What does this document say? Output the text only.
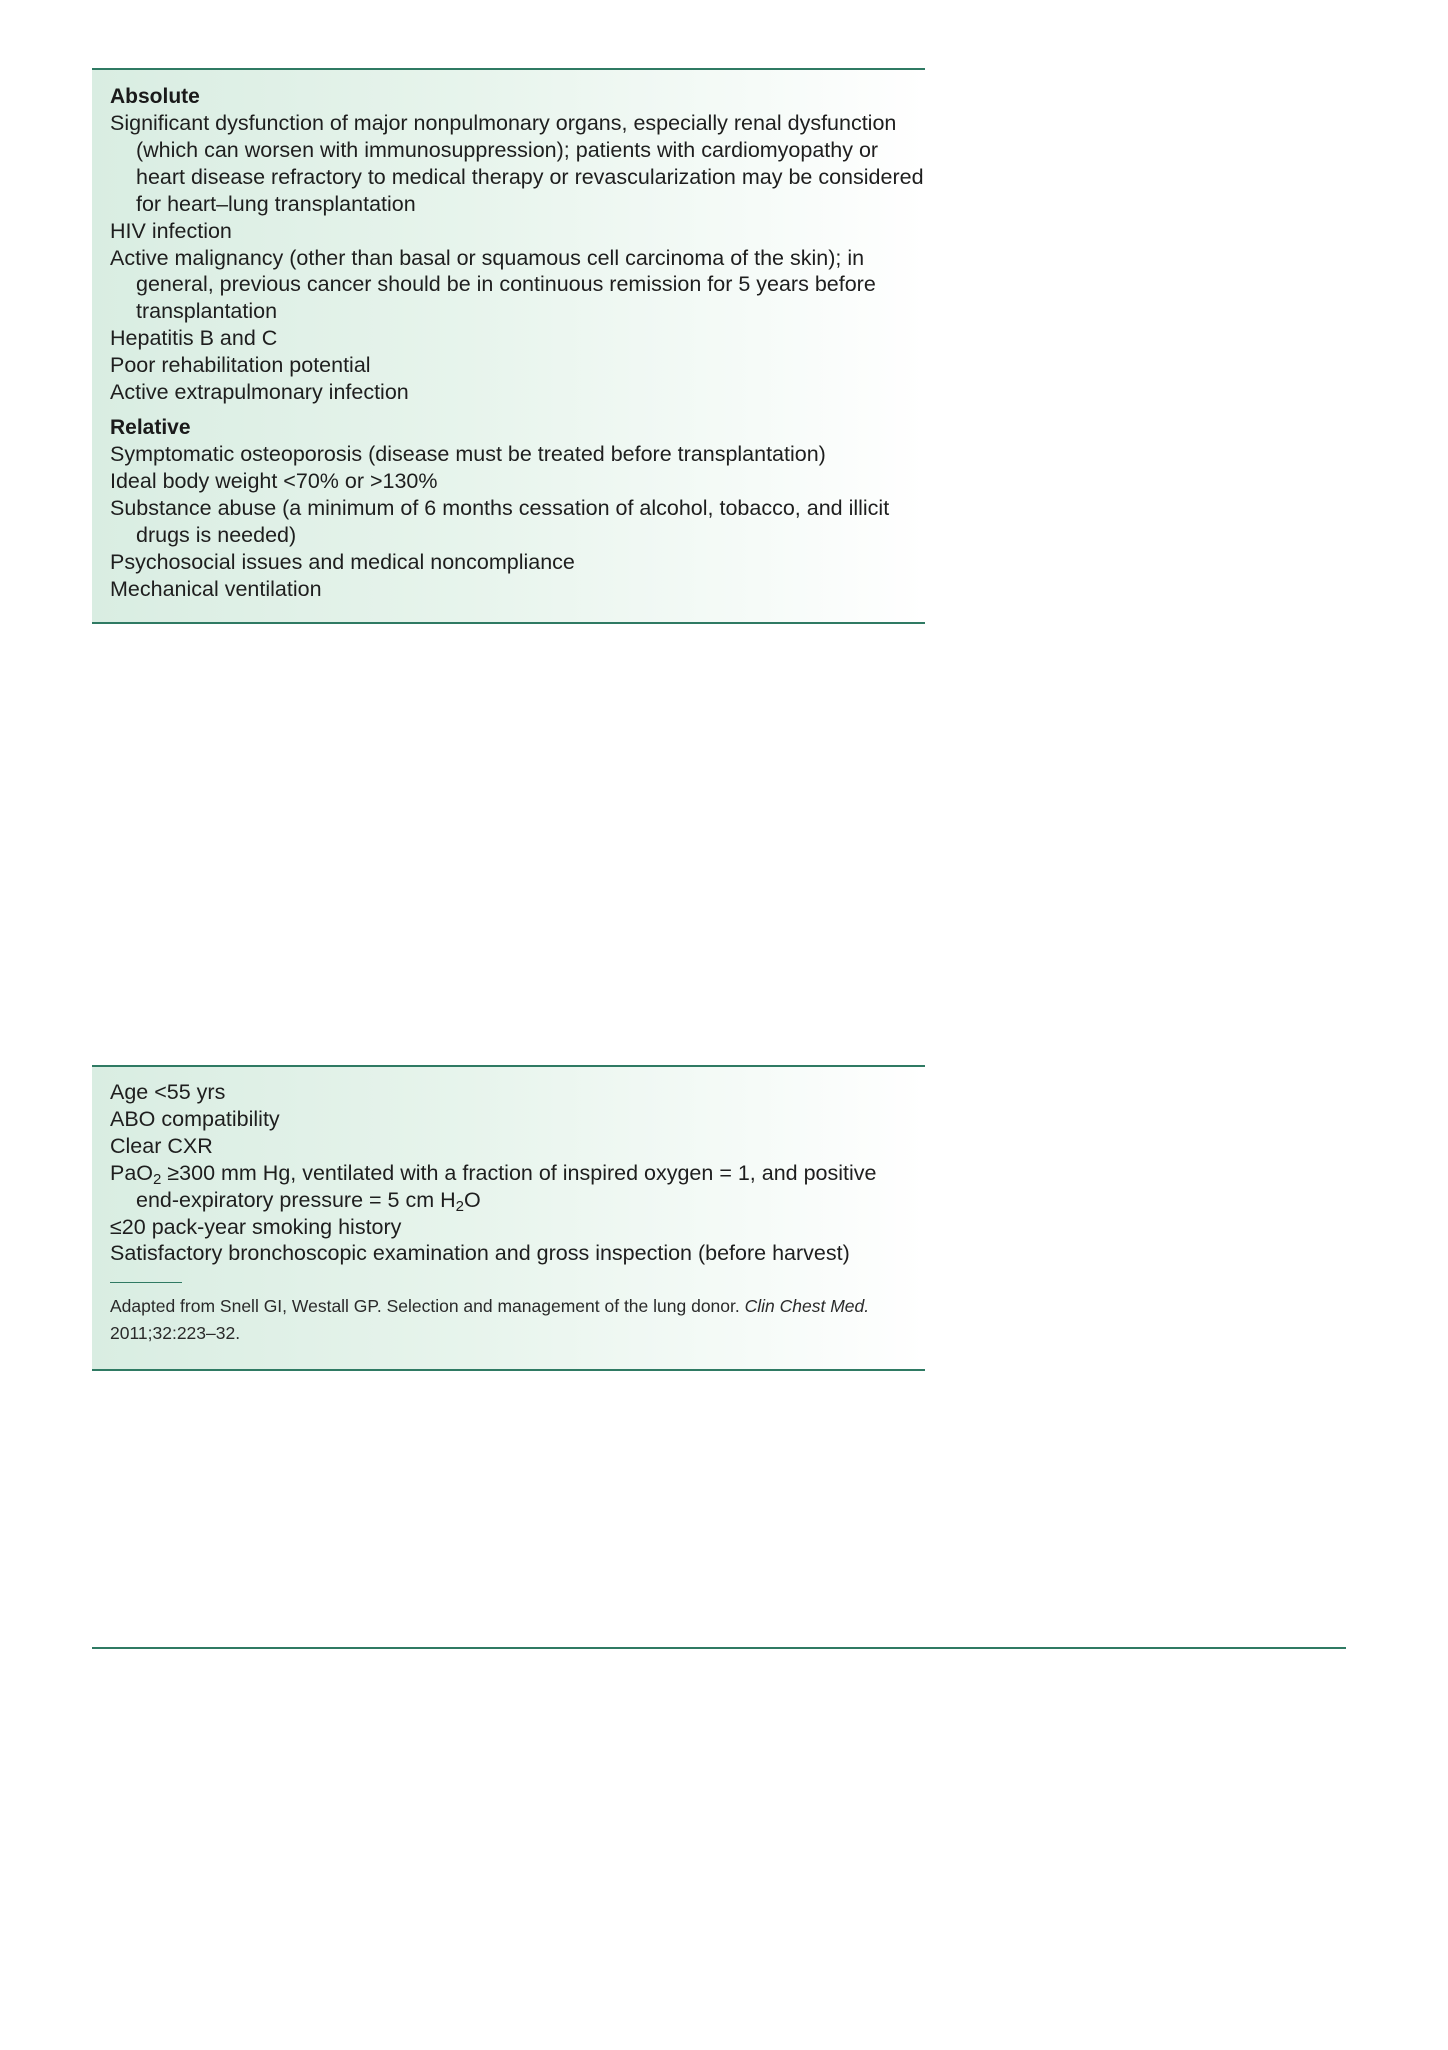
Absolute

Significant dysfunction of major nonpulmonary organs, especially renal dysfunction (which can worsen with immunosuppression); patients with cardiomyopathy or heart disease refractory to medical therapy or revascularization may be considered for heart–lung transplantation
HIV infection
Active malignancy (other than basal or squamous cell carcinoma of the skin); in general, previous cancer should be in continuous remission for 5 years before transplantation
Hepatitis B and C
Poor rehabilitation potential
Active extrapulmonary infection

Relative

Symptomatic osteoporosis (disease must be treated before transplantation)
Ideal body weight <70% or >130%
Substance abuse (a minimum of 6 months cessation of alcohol, tobacco, and illicit drugs is needed)
Psychosocial issues and medical noncompliance
Mechanical ventilation
Age <55 yrs
ABO compatibility
Clear CXR
PaO$_2$ ≥300 mm Hg, ventilated with a fraction of inspired oxygen = 1, and positive end-expiratory pressure = 5 cm $H_2O$
≤20 pack-year smoking history
Satisfactory bronchoscopic examination and gross inspection (before harvest)

Adapted from Snell GI, Westall GP. Selection and management of the lung donor. Clin Chest Med. 2011;32:223–32.
